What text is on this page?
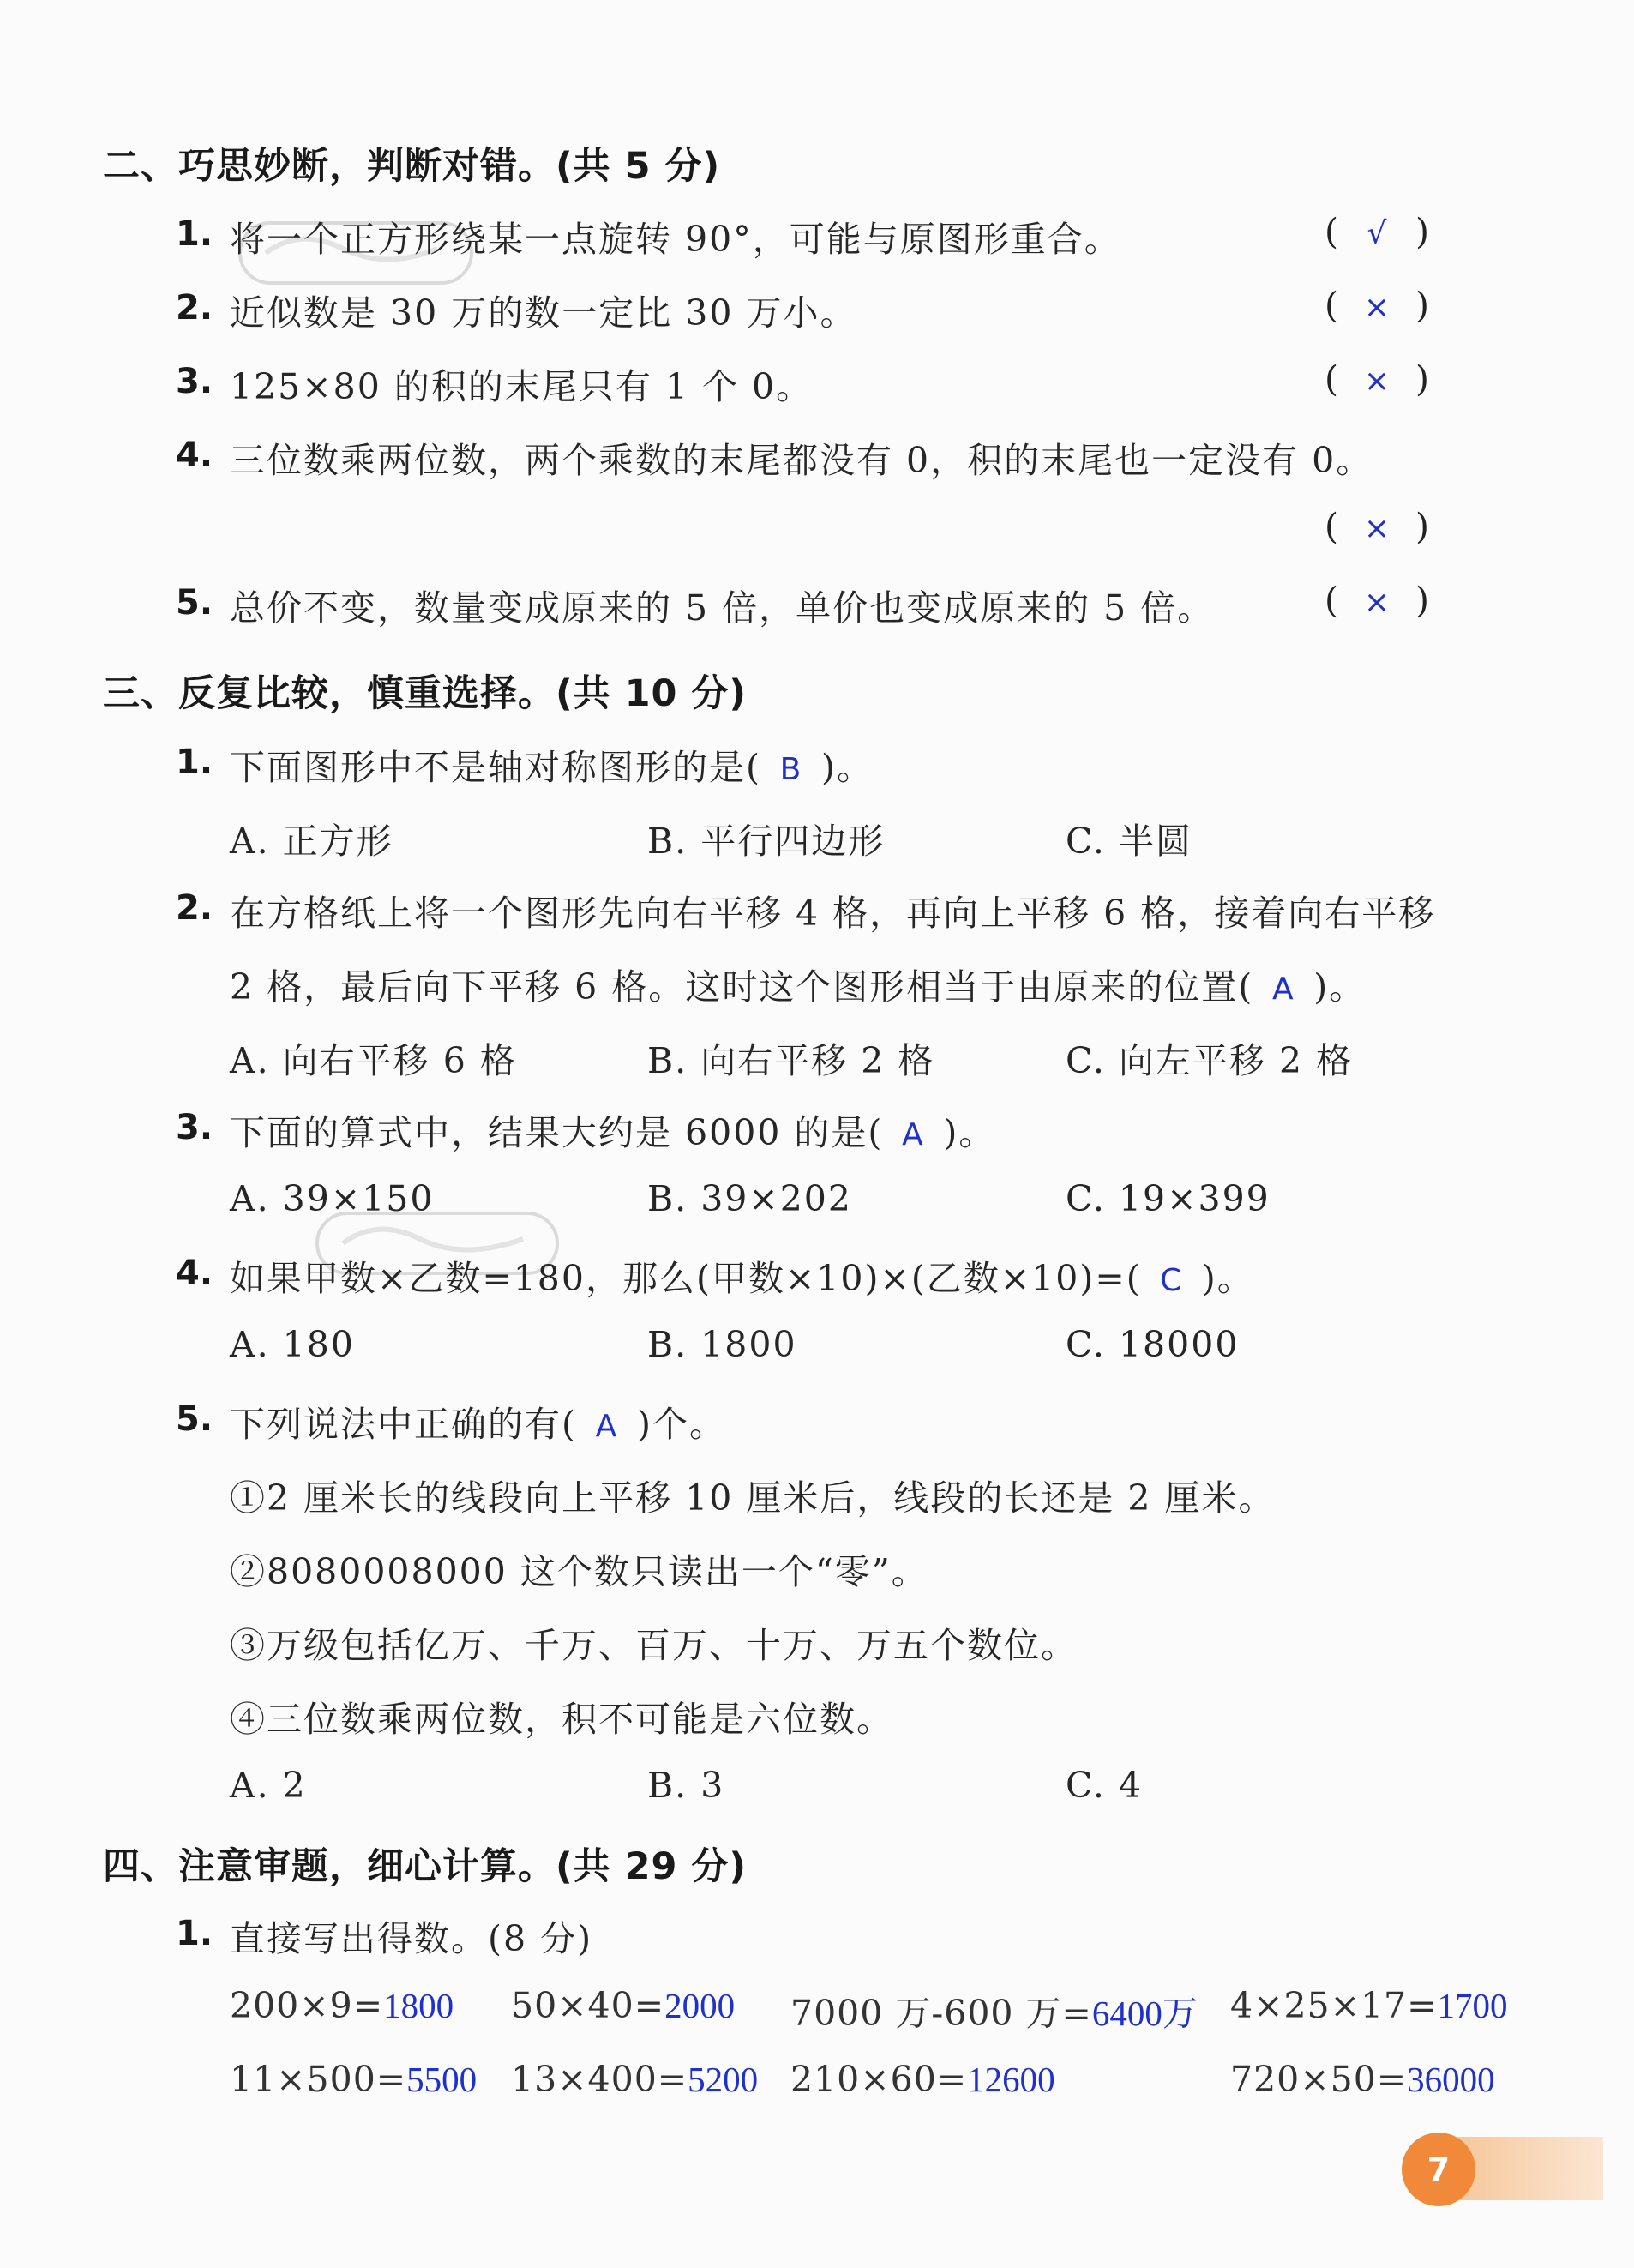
二、巧思妙断，判断对错。(共 5 分)
1. 将一个正方形绕某一点旋转 90°，可能与原图形重合。	( √ )
2. 近似数是 30 万的数一定比 30 万小。	( × )
3. 125×80 的积的末尾只有 1 个 0。	( × )
4. 三位数乘两位数，两个乘数的末尾都没有 0，积的末尾也一定没有 0。
( × )
5. 总价不变，数量变成原来的 5 倍，单价也变成原来的 5 倍。	( × )
三、反复比较，慎重选择。(共 10 分)
1. 下面图形中不是轴对称图形的是( B )。
A. 正方形	B. 平行四边形	C. 半圆
2. 在方格纸上将一个图形先向右平移 4 格，再向上平移 6 格，接着向右平移
2 格，最后向下平移 6 格。这时这个图形相当于由原来的位置( A )。
A. 向右平移 6 格	B. 向右平移 2 格	C. 向左平移 2 格
3. 下面的算式中，结果大约是 6000 的是( A )。
A. 39×150	B. 39×202	C. 19×399
4. 如果甲数×乙数=180，那么(甲数×10)×(乙数×10)=( C )。
A. 180	B. 1800	C. 18000
5. 下列说法中正确的有( A )个。
①2 厘米长的线段向上平移 10 厘米后，线段的长还是 2 厘米。
②8080008000 这个数只读出一个“零”。
③万级包括亿万、千万、百万、十万、万五个数位。
④三位数乘两位数，积不可能是六位数。
A. 2	B. 3	C. 4
四、注意审题，细心计算。(共 29 分)
1. 直接写出得数。(8 分)
200×9=1800 50×40=2000 7000 万-600 万=6400万 4×25×17=1700
11×500=5500 13×400=5200 210×60=12600	720×50=36000
7
